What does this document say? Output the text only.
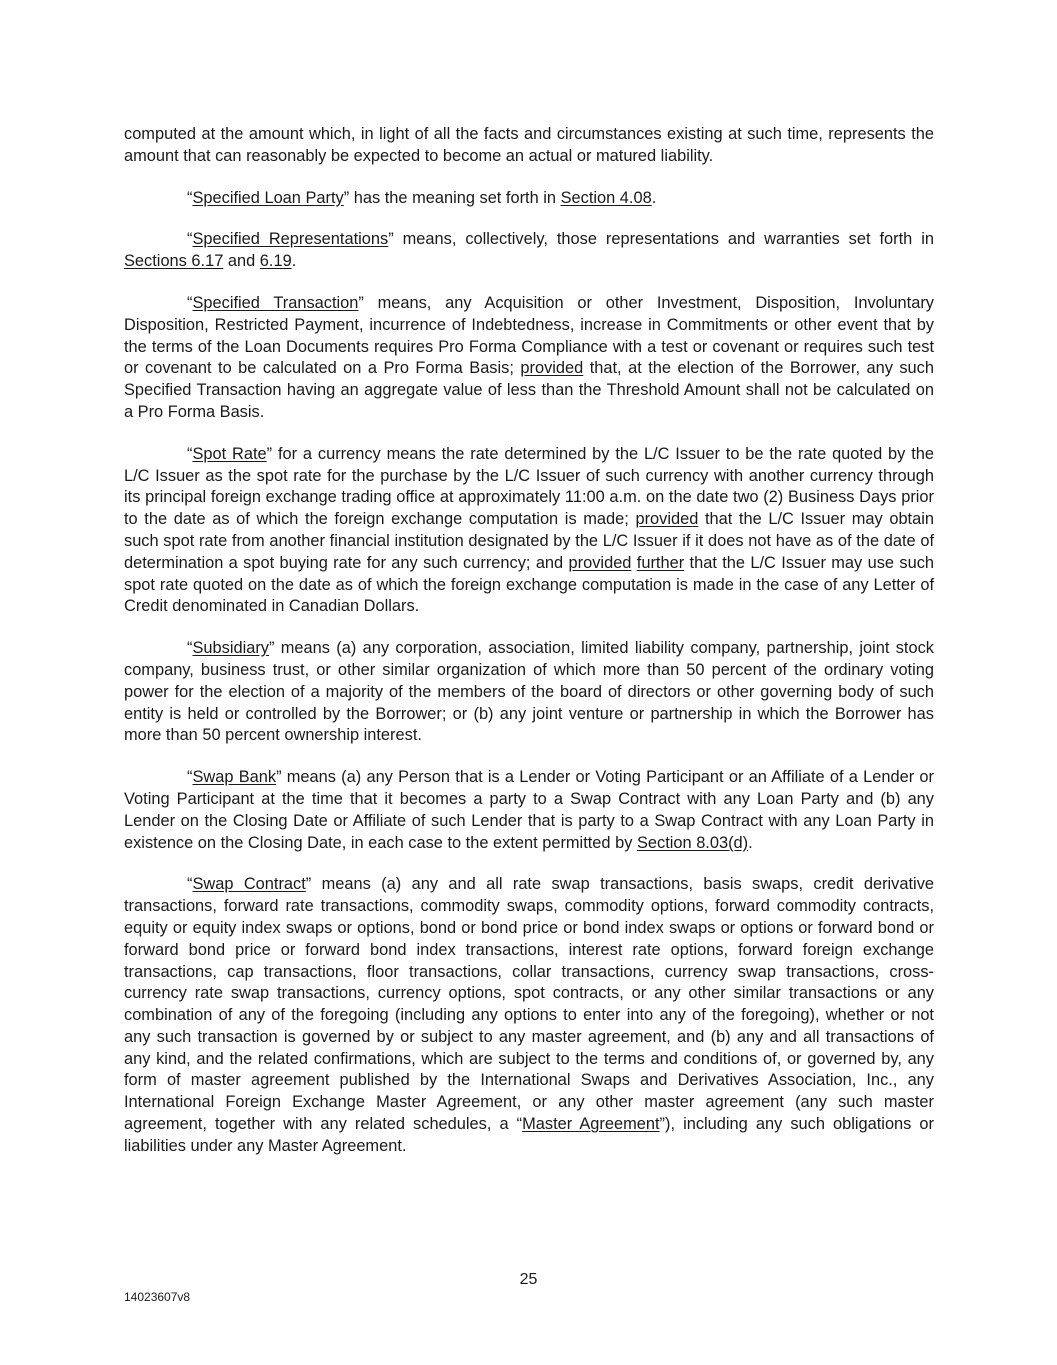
computed at the amount which, in light of all the facts and circumstances existing at such time, represents the amount that can reasonably be expected to become an actual or matured liability.

“Specified Loan Party” has the meaning set forth in Section 4.08.

“Specified Representations” means, collectively, those representations and warranties set forth in Sections 6.17 and 6.19.

“Specified Transaction” means, any Acquisition or other Investment, Disposition, Involuntary Disposition, Restricted Payment, incurrence of Indebtedness, increase in Commitments or other event that by the terms of the Loan Documents requires Pro Forma Compliance with a test or covenant or requires such test or covenant to be calculated on a Pro Forma Basis; provided that, at the election of the Borrower, any such Specified Transaction having an aggregate value of less than the Threshold Amount shall not be calculated on a Pro Forma Basis.

“Spot Rate” for a currency means the rate determined by the L/C Issuer to be the rate quoted by the L/C Issuer as the spot rate for the purchase by the L/C Issuer of such currency with another currency through its principal foreign exchange trading office at approximately 11:00 a.m. on the date two (2) Business Days prior to the date as of which the foreign exchange computation is made; provided that the L/C Issuer may obtain such spot rate from another financial institution designated by the L/C Issuer if it does not have as of the date of determination a spot buying rate for any such currency; and provided further that the L/C Issuer may use such spot rate quoted on the date as of which the foreign exchange computation is made in the case of any Letter of Credit denominated in Canadian Dollars.

“Subsidiary” means (a) any corporation, association, limited liability company, partnership, joint stock company, business trust, or other similar organization of which more than 50 percent of the ordinary voting power for the election of a majority of the members of the board of directors or other governing body of such entity is held or controlled by the Borrower; or (b) any joint venture or partnership in which the Borrower has more than 50 percent ownership interest.

“Swap Bank” means (a) any Person that is a Lender or Voting Participant or an Affiliate of a Lender or Voting Participant at the time that it becomes a party to a Swap Contract with any Loan Party and (b) any Lender on the Closing Date or Affiliate of such Lender that is party to a Swap Contract with any Loan Party in existence on the Closing Date, in each case to the extent permitted by Section 8.03(d).

“Swap Contract” means (a) any and all rate swap transactions, basis swaps, credit derivative transactions, forward rate transactions, commodity swaps, commodity options, forward commodity contracts, equity or equity index swaps or options, bond or bond price or bond index swaps or options or forward bond or forward bond price or forward bond index transactions, interest rate options, forward foreign exchange transactions, cap transactions, floor transactions, collar transactions, currency swap transactions, cross-currency rate swap transactions, currency options, spot contracts, or any other similar transactions or any combination of any of the foregoing (including any options to enter into any of the foregoing), whether or not any such transaction is governed by or subject to any master agreement, and (b) any and all transactions of any kind, and the related confirmations, which are subject to the terms and conditions of, or governed by, any form of master agreement published by the International Swaps and Derivatives Association, Inc., any International Foreign Exchange Master Agreement, or any other master agreement (any such master agreement, together with any related schedules, a “Master Agreement”), including any such obligations or liabilities under any Master Agreement.

25
14023607v8
